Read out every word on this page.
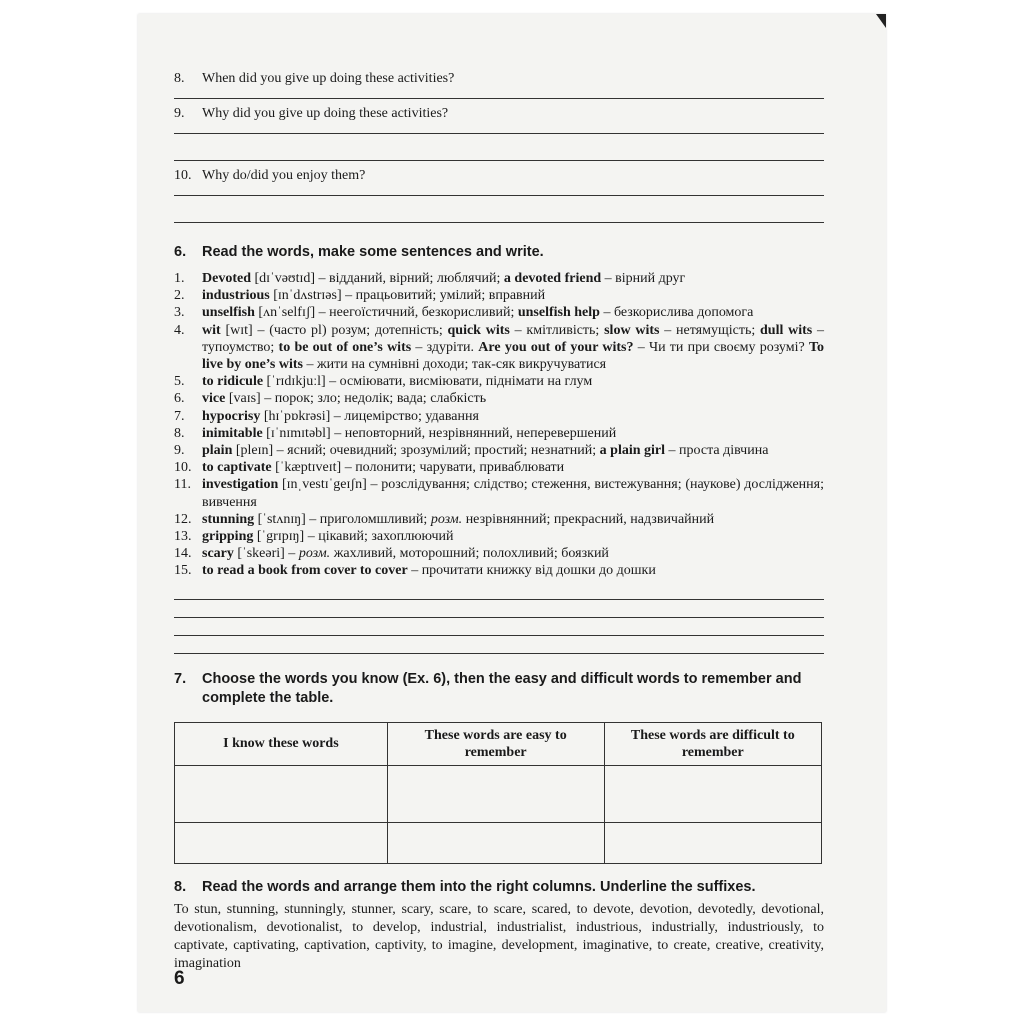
8. When did you give up doing these activities?
9. Why did you give up doing these activities?
10. Why do/did you enjoy them?
6.	Read the words, make some sentences and write.
1.	Devoted [dɪˈvəʊtɪd] – відданий, вірний; люблячий; a devoted friend – вірний друг
2.	industrious [ɪnˈdʌstrɪəs] – працьовитий; умілий; вправний
3.	unselfish [ʌnˈselfɪʃ] – неегоїстичний, безкорисливий; unselfish help – безкорислива допомога
4.	wit [wɪt] – (часто pl) розум; дотепність; quick wits – кмітливість; slow wits – нетямущість; dull wits – тупоумство; to be out of one’s wits – здуріти. Are you out of your wits? – Чи ти при своєму розумі? To live by one’s wits – жити на сумнівні доходи; так-сяк викручуватися
5.	to ridicule [ˈrɪdɪkjuːl] – осміювати, висміювати, піднімати на глум
6.	vice [vaɪs] – порок; зло; недолік; вада; слабкість
7.	hypocrisy [hɪˈpɒkrəsi] – лицемірство; удавання
8.	inimitable [ɪˈnɪmɪtəbl] – неповторний, незрівнянний, неперевершений
9.	plain [pleɪn] – ясний; очевидний; зрозумілий; простий; незнатний; a plain girl – проста дівчина
10. to captivate [ˈkæptɪveɪt] – полонити; чарувати, приваблювати
11. investigation [ɪnˌvestɪˈgeɪʃn] – розслідування; слідство; стеження, вистежування; (наукове) дослідження; вивчення
12. stunning [ˈstʌnɪŋ] – приголомшливий; розм. незрівнянний; прекрасний, надзвичайний
13. gripping [ˈgrɪpɪŋ] – цікавий; захоплюючий
14. scary [ˈskeəri] – розм. жахливий, моторошний; полохливий; боязкий
15. to read a book from cover to cover – прочитати книжку від дошки до дошки
7.	Choose the words you know (Ex. 6), then the easy and difficult words to remember and complete the table.
I know these words	These words are easy to remember	These words are difficult to remember

8.	Read the words and arrange them into the right columns. Underline the suffixes.
To stun, stunning, stunningly, stunner, scary, scare, to scare, scared, to devote, devotion, devotedly, devotional, devotionalism, devotionalist, to develop, industrial, industrialist, industrious, industrially, industriously, to captivate, captivating, captivation, captivity, to imagine, development, imaginative, to create, creative, creativity, imagination
6
